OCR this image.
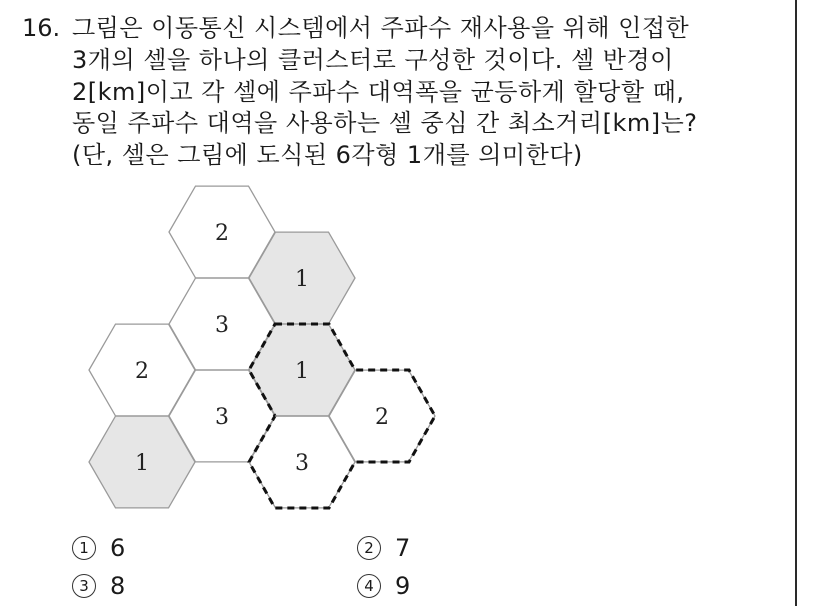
16. 그림은 이동통신 시스템에서 주파수 재사용을 위해 인접한
3개의 셀을 하나의 클러스터로 구성한 것이다. 셀 반경이
2[km]이고 각 셀에 주파수 대역폭을 균등하게 할당할 때,
동일 주파수 대역을 사용하는 셀 중심 간 최소거리[km]는?
(단, 셀은 그림에 도식된 6각형 1개를 의미한다)
2
1
3
2	1
3	2
1	3
1 6	2 7
3 8	4 9
